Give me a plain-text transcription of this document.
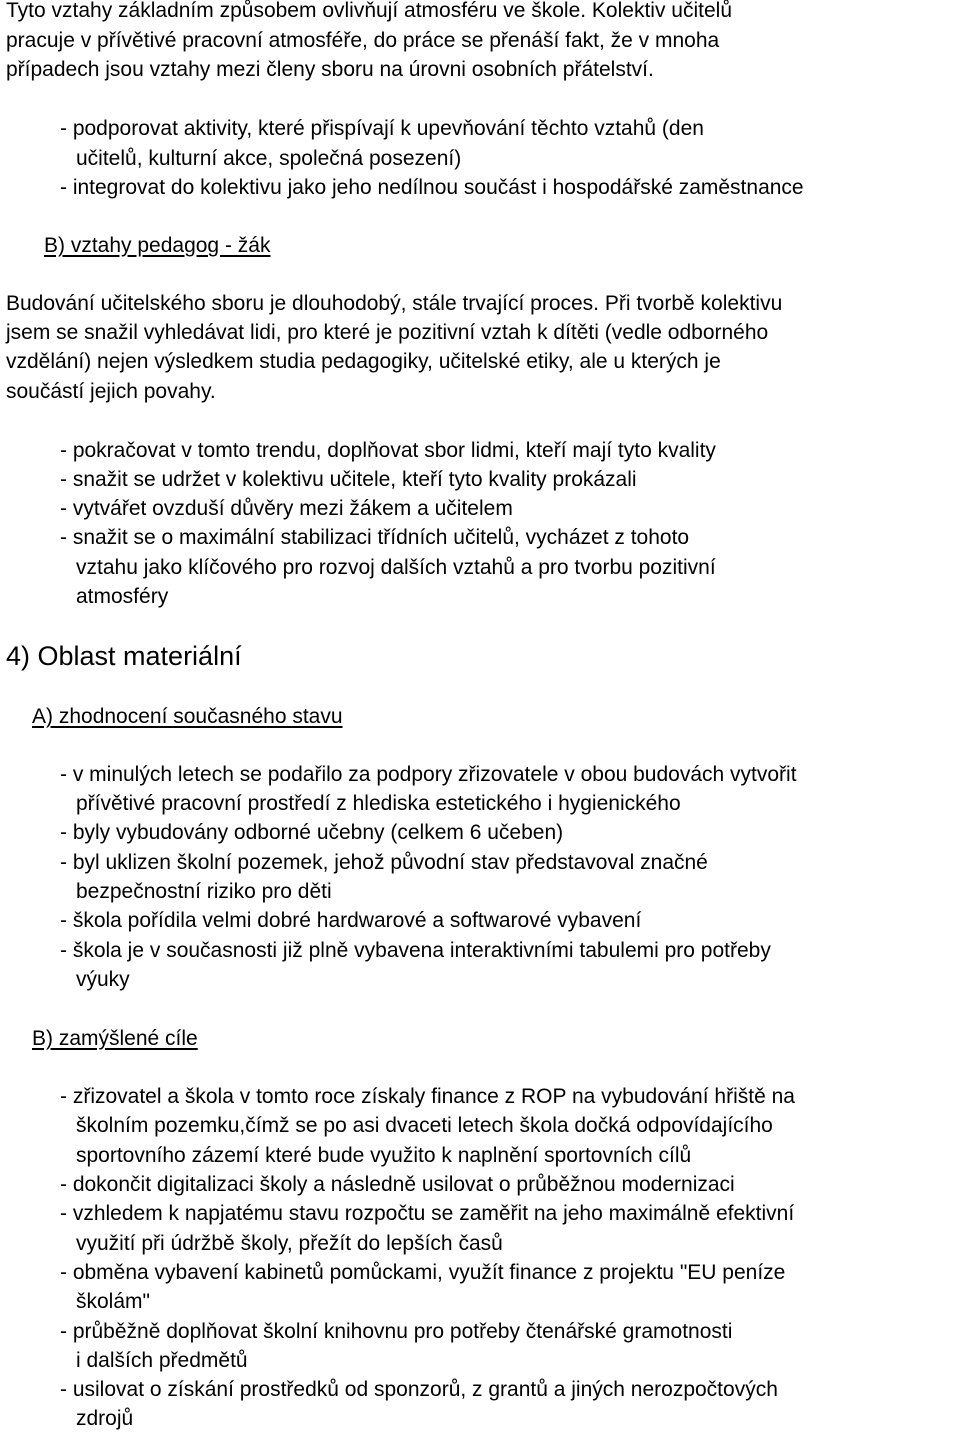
Tyto vztahy základním způsobem ovlivňují atmosféru ve škole. Kolektiv učitelů
pracuje v přívětivé pracovní atmosféře, do práce se přenáší fakt, že v mnoha
případech jsou vztahy mezi členy sboru na úrovni osobních přátelství.
- podporovat aktivity, které přispívají k upevňování těchto vztahů (den
učitelů, kulturní akce, společná posezení)
- integrovat do kolektivu jako jeho nedílnou součást i hospodářské zaměstnance
B) vztahy pedagog - žák
Budování učitelského sboru je dlouhodobý, stále trvající proces. Při tvorbě kolektivu
jsem se snažil vyhledávat lidi, pro které je pozitivní vztah k dítěti (vedle odborného
vzdělání) nejen výsledkem studia pedagogiky, učitelské etiky, ale u kterých je
součástí jejich povahy.
- pokračovat v tomto trendu, doplňovat sbor lidmi, kteří mají tyto kvality
- snažit se udržet v kolektivu učitele, kteří tyto kvality prokázali
- vytvářet ovzduší důvěry mezi žákem a učitelem
- snažit se o maximální stabilizaci třídních učitelů, vycházet z tohoto
vztahu jako klíčového pro rozvoj dalších vztahů a pro tvorbu pozitivní
atmosféry
4) Oblast materiální
A) zhodnocení současného stavu
- v minulých letech se podařilo za podpory zřizovatele v obou budovách vytvořit
přívětivé pracovní prostředí z hlediska estetického i hygienického
- byly vybudovány odborné učebny (celkem 6 učeben)
- byl uklizen školní pozemek, jehož původní stav představoval značné
bezpečnostní riziko pro děti
- škola pořídila velmi dobré hardwarové a softwarové vybavení
- škola je v současnosti již plně vybavena interaktivními tabulemi pro potřeby
výuky
B) zamýšlené cíle
- zřizovatel a škola v tomto roce získaly finance z ROP na vybudování hřiště na
školním pozemku,čímž se po asi dvaceti letech škola dočká odpovídajícího
sportovního zázemí které bude využito k naplnění sportovních cílů
- dokončit digitalizaci školy a následně usilovat o průběžnou modernizaci
- vzhledem k napjatému stavu rozpočtu se zaměřit na jeho maximálně efektivní
využití při údržbě školy, přežít do lepších časů
- obměna vybavení kabinetů pomůckami, využít finance z projektu "EU peníze
školám"
- průběžně doplňovat školní knihovnu pro potřeby čtenářské gramotnosti
i dalších předmětů
- usilovat o získání prostředků od sponzorů, z grantů a jiných nerozpočtových
zdrojů
